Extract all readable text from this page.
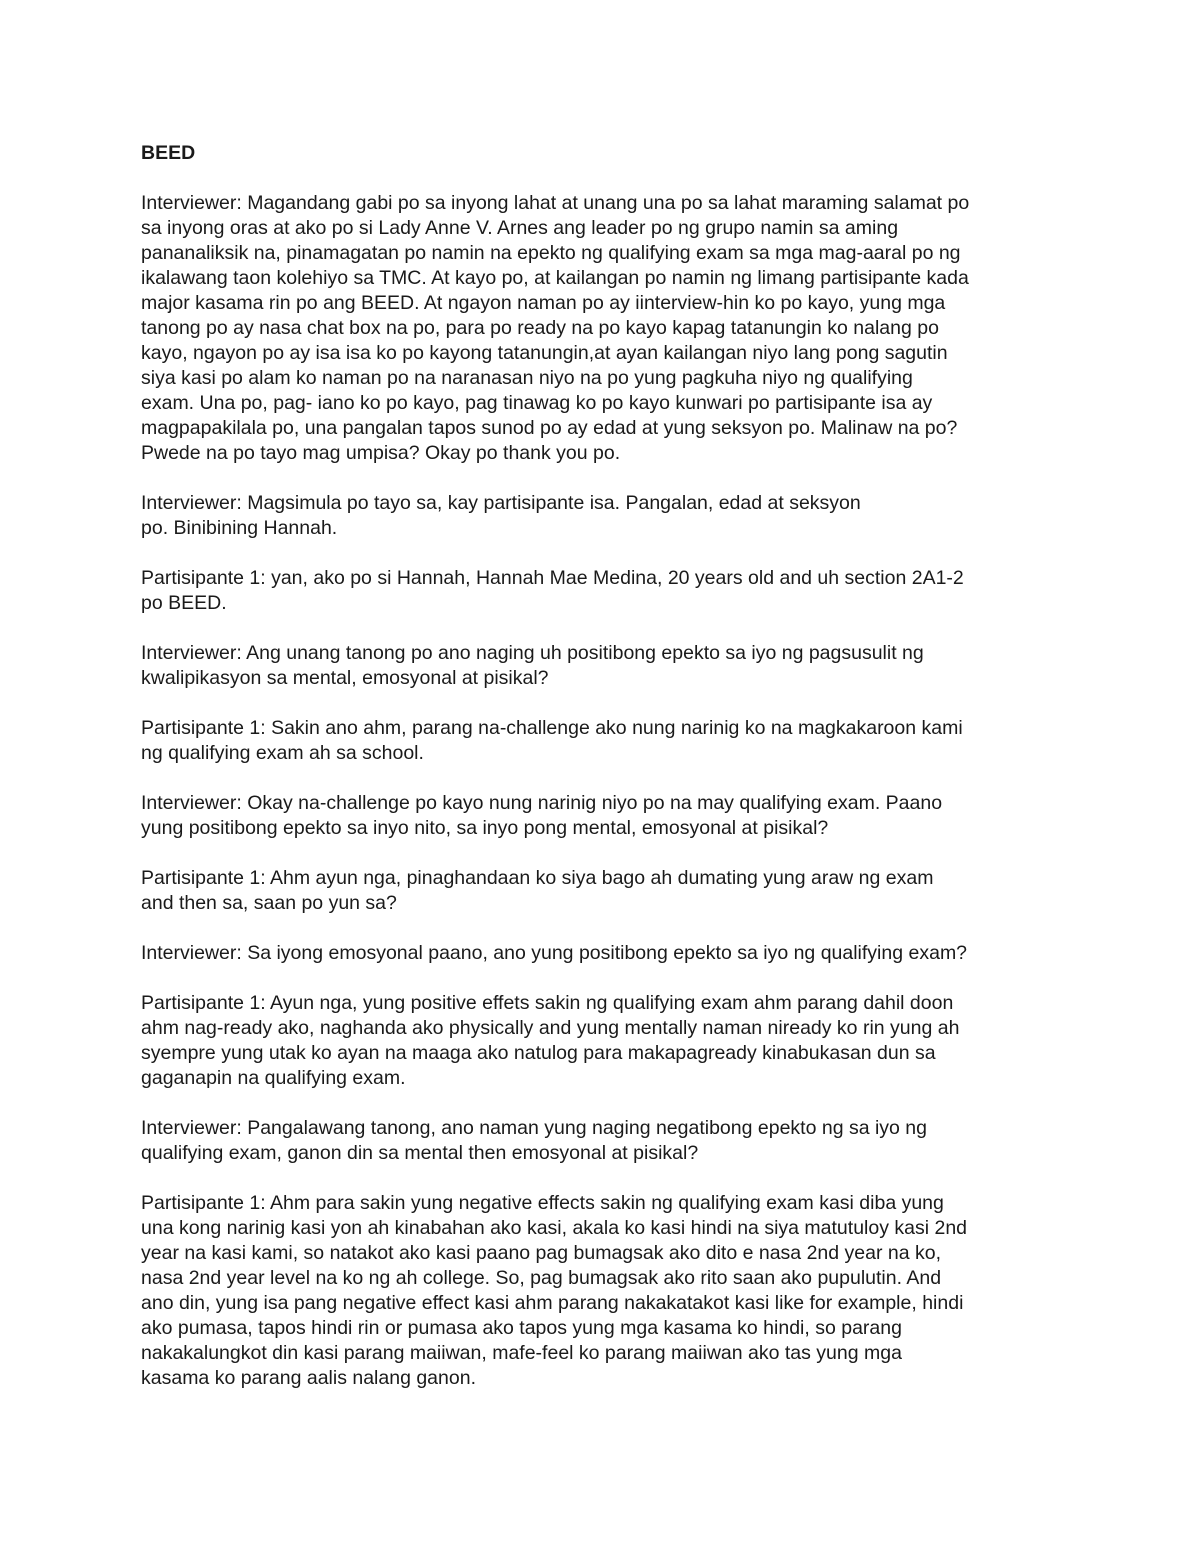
BEED

Interviewer: Magandang gabi po sa inyong lahat at unang una po sa lahat maraming salamat po
sa inyong oras at ako po si Lady Anne V. Arnes ang leader po ng grupo namin sa aming
pananaliksik na, pinamagatan po namin na epekto ng qualifying exam sa mga mag-aaral po ng
ikalawang taon kolehiyo sa TMC. At kayo po, at kailangan po namin ng limang partisipante kada
major kasama rin po ang BEED. At ngayon naman po ay iinterview-hin ko po kayo, yung mga
tanong po ay nasa chat box na po, para po ready na po kayo kapag tatanungin ko nalang po
kayo, ngayon po ay isa isa ko po kayong tatanungin,at ayan kailangan niyo lang pong sagutin
siya kasi po alam ko naman po na naranasan niyo na po yung pagkuha niyo ng qualifying
exam. Una po, pag- iano ko po kayo, pag tinawag ko po kayo kunwari po partisipante isa ay
magpapakilala po, una pangalan tapos sunod po ay edad at yung seksyon po. Malinaw na po?
Pwede na po tayo mag umpisa? Okay po thank you po.

Interviewer: Magsimula po tayo sa, kay partisipante isa. Pangalan, edad at seksyon
po. Binibining Hannah.

Partisipante 1: yan, ako po si Hannah, Hannah Mae Medina, 20 years old and uh section 2A1-2
po BEED.

Interviewer: Ang unang tanong po ano naging uh positibong epekto sa iyo ng pagsusulit ng
kwalipikasyon sa mental, emosyonal at pisikal?

Partisipante 1: Sakin ano ahm, parang na-challenge ako nung narinig ko na magkakaroon kami
ng qualifying exam ah sa school.

Interviewer: Okay na-challenge po kayo nung narinig niyo po na may qualifying exam. Paano
yung positibong epekto sa inyo nito, sa inyo pong mental, emosyonal at pisikal?

Partisipante 1: Ahm ayun nga, pinaghandaan ko siya bago ah dumating yung araw ng exam
and then sa, saan po yun sa?

Interviewer: Sa iyong emosyonal paano, ano yung positibong epekto sa iyo ng qualifying exam?

Partisipante 1: Ayun nga, yung positive effets sakin ng qualifying exam ahm parang dahil doon
ahm nag-ready ako, naghanda ako physically and yung mentally naman niready ko rin yung ah
syempre yung utak ko ayan na maaga ako natulog para makapagready kinabukasan dun sa
gaganapin na qualifying exam.

Interviewer: Pangalawang tanong, ano naman yung naging negatibong epekto ng sa iyo ng
qualifying exam, ganon din sa mental then emosyonal at pisikal?

Partisipante 1: Ahm para sakin yung negative effects sakin ng qualifying exam kasi diba yung
una kong narinig kasi yon ah kinabahan ako kasi, akala ko kasi hindi na siya matutuloy kasi 2nd
year na kasi kami, so natakot ako kasi paano pag bumagsak ako dito e nasa 2nd year na ko,
nasa 2nd year level na ko ng ah college. So, pag bumagsak ako rito saan ako pupulutin. And
ano din, yung isa pang negative effect kasi ahm parang nakakatakot kasi like for example, hindi
ako pumasa, tapos hindi rin or pumasa ako tapos yung mga kasama ko hindi, so parang
nakakalungkot din kasi parang maiiwan, mafe-feel ko parang maiiwan ako tas yung mga
kasama ko parang aalis nalang ganon.
